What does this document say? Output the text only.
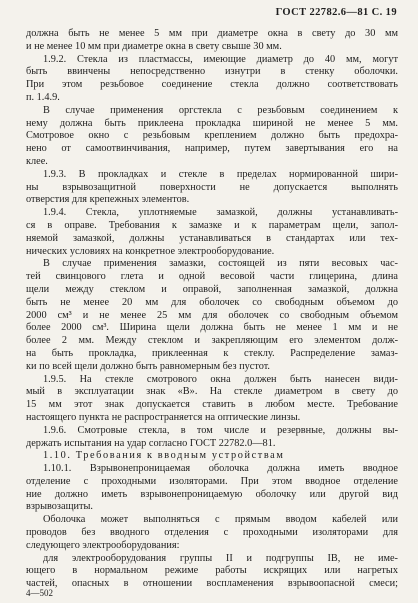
ГОСТ 22782.6—81 С. 19
должна быть не менее 5 мм при диаметре окна в свету до 30 мм
и не менее 10 мм при диаметре окна в свету свыше 30 мм.
1.9.2. Стекла из пластмассы, имеющие диаметр до 40 мм, могут
быть ввинчены непосредственно изнутри в стенку оболочки.
При этом резьбовое соединение стекла должно соответствовать
п. 1.4.9.
В случае применения оргстекла с резьбовым соединением к
нему должна быть приклеена прокладка шириной не менее 5 мм.
Смотровое окно с резьбовым креплением должно быть предохра-
нено от самоотвинчивания, например, путем завертывания его на
клее.
1.9.3. В прокладках и стекле в пределах нормированной шири-
ны взрывозащитной поверхности не допускается выполнять
отверстия для крепежных элементов.
1.9.4. Стекла, уплотняемые замазкой, должны устанавливать-
ся в оправе. Требования к замазке и к параметрам щели, запол-
няемой замазкой, должны устанавливаться в стандартах или тех-
нических условиях на конкретное электрооборудование.
В случае применения замазки, состоящей из пяти весовых час-
тей свинцового глета и одной весовой части глицерина, длина
щели между стеклом и оправой, заполненная замазкой, должна
быть не менее 20 мм для оболочек со свободным объемом до
2000 см³ и не менее 25 мм для оболочек со свободным объемом
более 2000 см³. Ширина щели должна быть не менее 1 мм и не
более 2 мм. Между стеклом и закрепляющим его элементом долж-
на быть прокладка, приклеенная к стеклу. Распределение замаз-
ки по всей щели должно быть равномерным без пустот.
1.9.5. На стекле смотрового окна должен быть нанесен види-
мый в эксплуатации знак «В». На стекле диаметром в свету до
15 мм этот знак допускается ставить в любом месте. Требование
настоящего пункта не распространяется на оптические линзы.
1.9.6. Смотровые стекла, в том числе и резервные, должны вы-
держать испытания на удар согласно ГОСТ 22782.0—81.
1.10. Требования к вводным устройствам
1.10.1. Взрывонепроницаемая оболочка должна иметь вводное
отделение с проходными изоляторами. При этом вводное отделение
ние должно иметь взрывонепроницаемую оболочку или другой вид
взрывозащиты.
Оболочка может выполняться с прямым вводом кабелей или
проводов без вводного отделения с проходными изоляторами для
следующего электрооборудования:
для электрооборудования группы II и подгруппы IВ, не име-
ющего в нормальном режиме работы искрящих или нагретых
частей, опасных в отношении воспламенения взрывоопасной смеси;
4—502
